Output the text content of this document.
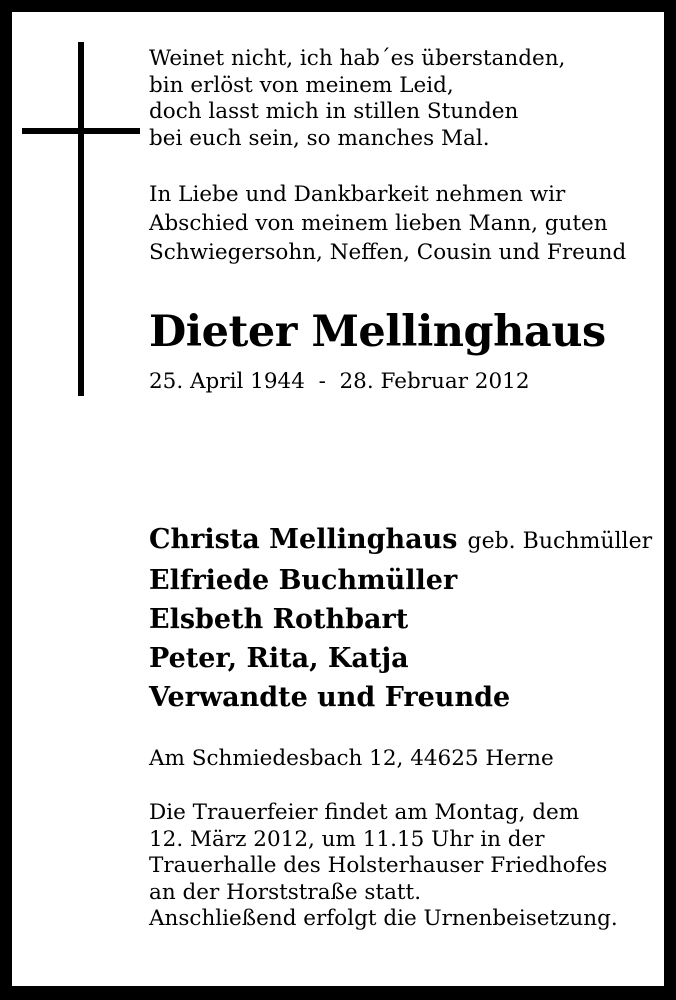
Weinet nicht, ich hab´es überstanden,
bin erlöst von meinem Leid,
doch lasst mich in stillen Stunden
bei euch sein, so manches Mal.
In Liebe und Dankbarkeit nehmen wir
Abschied von meinem lieben Mann, guten
Schwiegersohn, Neffen, Cousin und Freund
Dieter Mellinghaus
25. April 1944  -  28. Februar 2012
Christa Mellinghaus geb. Buchmüller
Elfriede Buchmüller
Elsbeth Rothbart
Peter, Rita, Katja
Verwandte und Freunde
Am Schmiedesbach 12, 44625 Herne
Die Trauerfeier findet am Montag, dem
12. März 2012, um 11.15 Uhr in der
Trauerhalle des Holsterhauser Friedhofes
an der Horststraße statt.
Anschließend erfolgt die Urnenbeisetzung.
